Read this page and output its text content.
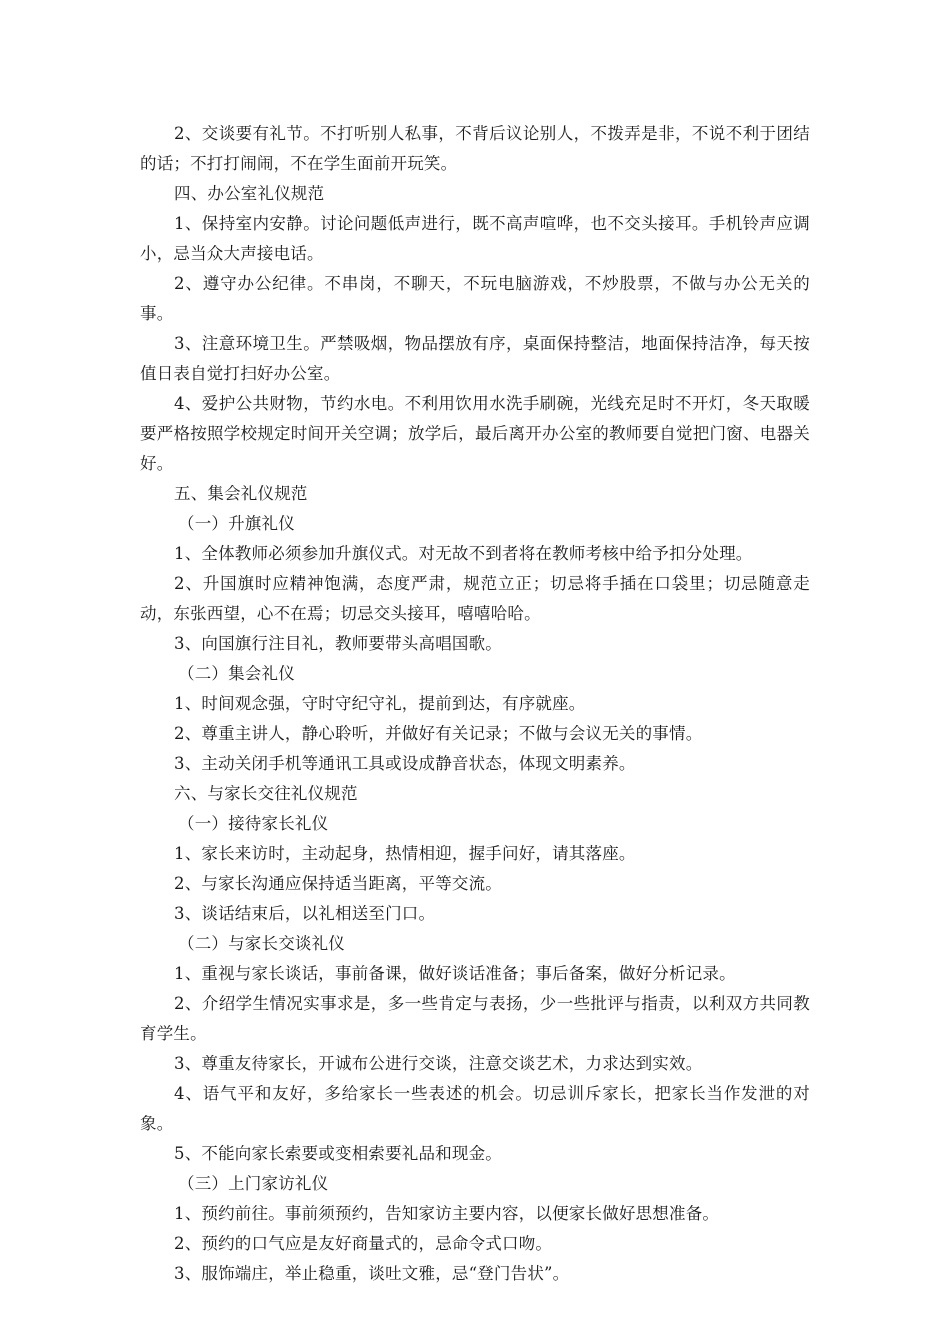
2、交谈要有礼节。不打听别人私事，不背后议论别人，不拨弄是非，不说不利于团结的话；不打打闹闹，不在学生面前开玩笑。

四、办公室礼仪规范

1、保持室内安静。讨论问题低声进行，既不高声喧哗，也不交头接耳。手机铃声应调小，忌当众大声接电话。

2、遵守办公纪律。不串岗，不聊天，不玩电脑游戏，不炒股票，不做与办公无关的事。

3、注意环境卫生。严禁吸烟，物品摆放有序，桌面保持整洁，地面保持洁净，每天按值日表自觉打扫好办公室。

4、爱护公共财物，节约水电。不利用饮用水洗手刷碗，光线充足时不开灯，冬天取暖要严格按照学校规定时间开关空调；放学后，最后离开办公室的教师要自觉把门窗、电器关好。

五、集会礼仪规范

（一）升旗礼仪

1、全体教师必须参加升旗仪式。对无故不到者将在教师考核中给予扣分处理。

2、升国旗时应精神饱满，态度严肃，规范立正；切忌将手插在口袋里；切忌随意走动，东张西望，心不在焉；切忌交头接耳，嘻嘻哈哈。

3、向国旗行注目礼，教师要带头高唱国歌。

（二）集会礼仪

1、时间观念强，守时守纪守礼，提前到达，有序就座。

2、尊重主讲人，静心聆听，并做好有关记录；不做与会议无关的事情。

3、主动关闭手机等通讯工具或设成静音状态，体现文明素养。

六、与家长交往礼仪规范

（一）接待家长礼仪

1、家长来访时，主动起身，热情相迎，握手问好，请其落座。

2、与家长沟通应保持适当距离，平等交流。

3、谈话结束后，以礼相送至门口。

（二）与家长交谈礼仪

1、重视与家长谈话，事前备课，做好谈话准备；事后备案，做好分析记录。

2、介绍学生情况实事求是，多一些肯定与表扬，少一些批评与指责，以利双方共同教育学生。

3、尊重友待家长，开诚布公进行交谈，注意交谈艺术，力求达到实效。

4、语气平和友好，多给家长一些表述的机会。切忌训斥家长，把家长当作发泄的对象。

5、不能向家长索要或变相索要礼品和现金。

（三）上门家访礼仪

1、预约前往。事前须预约，告知家访主要内容，以便家长做好思想准备。

2、预约的口气应是友好商量式的，忌命令式口吻。

3、服饰端庄，举止稳重，谈吐文雅，忌“登门告状”。
